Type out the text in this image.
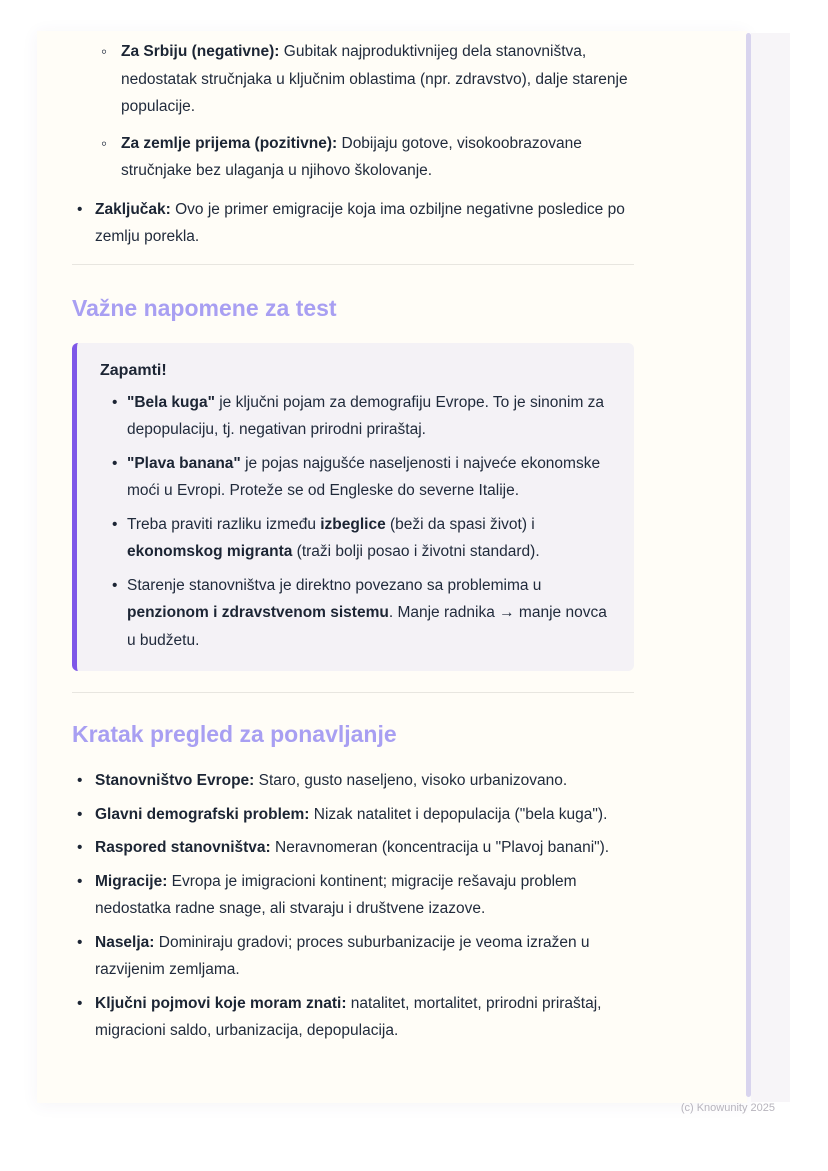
◦ Za Srbiju (negativne): Gubitak najproduktivnijeg dela stanovništva, nedostatak stručnjaka u ključnim oblastima (npr. zdravstvo), dalje starenje populacije.
◦ Za zemlje prijema (pozitivne): Dobijaju gotove, visokoobrazovane stručnjake bez ulaganja u njihovo školovanje.
• Zaključak: Ovo je primer emigracije koja ima ozbiljne negativne posledice po zemlju porekla.
Važne napomene za test
Zapamti!
• "Bela kuga" je ključni pojam za demografiju Evrope. To je sinonim za depopulaciju, tj. negativan prirodni priraštaj.
• "Plava banana" je pojas najgušće naseljenosti i najveće ekonomske moći u Evropi. Proteže se od Engleske do severne Italije.
• Treba praviti razliku između izbeglice (beži da spasi život) i ekonomskog migranta (traži bolji posao i životni standard).
• Starenje stanovništva je direktno povezano sa problemima u penzionom i zdravstvenom sistemu. Manje radnika → manje novca u budžetu.
Kratak pregled za ponavljanje
• Stanovništvo Evrope: Staro, gusto naseljeno, visoko urbanizovano.
• Glavni demografski problem: Nizak natalitet i depopulacija ("bela kuga").
• Raspored stanovništva: Neravnomeran (koncentracija u "Plavoj banani").
• Migracije: Evropa je imigracioni kontinent; migracije rešavaju problem nedostatka radne snage, ali stvaraju i društvene izazove.
• Naselja: Dominiraju gradovi; proces suburbanizacije je veoma izražen u razvijenim zemljama.
• Ključni pojmovi koje moram znati: natalitet, mortalitet, prirodni priraštaj, migracioni saldo, urbanizacija, depopulacija.
(c) Knowunity 2025
